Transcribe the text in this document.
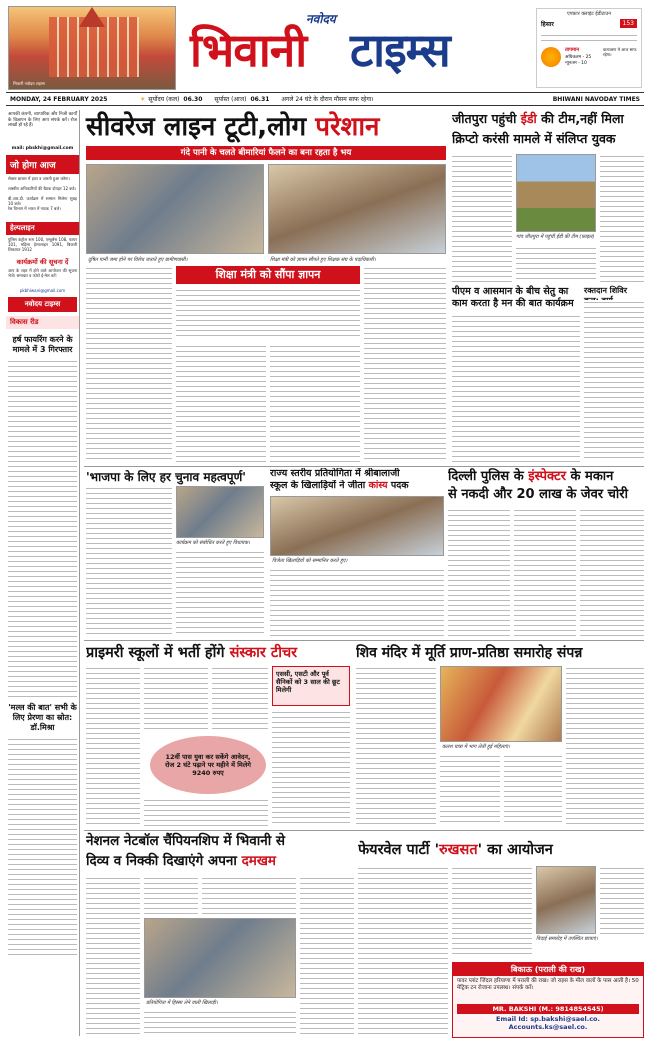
भिवानी नवोदय टाइम्स
नवोदय
भिवानी टाइम्स
एपफ़ार क्लाइंट ईडीटाउन
हिसार	153
तापमान
अधिकतम - 25
न्यूनतम - 10
वातावरण मे आज साफ रहेगा।
MONDAY, 24 FEBRUARY 2025	☀ सूर्योदय (कल) 06.30 सूर्यास्त (आज) 06.31 अगले 24 घंटे के दौरान मौसम साफ रहेगा।	BHIWANI NAVODAY TIMES
आपकी कंपनी, व्यापारिक और निजी कार्यों के विज्ञापन के लिए आप संपर्क करें। रोज लाखों हो रहे हैं।
mail: pbskhi@gmail.com
जो होगा आज
सेक्टर बाजार में हाटा व आरती हुआ करेगा।
शास्त्रीय अधिकारियों की बैठक दोपहर 12 बजे।
बी.आर.डी. कार्यक्रम में सम्मान मिलेगा सुबह 10 बजे।
रेल विभाग में भारत में नाटक 7 बजे।
हेल्पलाइन
पुलिस कंट्रोल रूम 100, एम्बुलेंस 108, फायर 101, महिला हेल्पलाइन 1091, बिजली शिकायत 1912
कार्यक्रमों की सूचना दें
आप के शहर में होने वाले आयोजन की सूचना भेजें। समाचार व फोटो ई-मेल करें:
pkbhiwani@gmail.com
नवोदय टाइम्स
विकास रीड
हर्ष फायरिंग करने के मामले में 3 गिरफ्तार
'मल्ल की बात' सभी के लिए प्रेरणा का स्रोत: डॉ.मिश्रा
सीवरेज लाइन टूटी,लोग परेशान
गंदे पानी के चलते बीमारियां फैलने का बना रहता है भय
दूषित पानी जमा होने पर विरोध जताते हुए ग्रामीणवासी।	शिक्षा मंत्री को ज्ञापन सौंपते हुए शिक्षक संघ के पदाधिकारी।
शिक्षा मंत्री को सौंपा ज्ञापन
जीतपुरा पहुंची ईडी की टीम,नहीं मिला
क्रिप्टो करंसी मामले में संलिप्त युवक
गांव जीतपुरा में पहुंची ईडी की टीम (फ़ाइल)
पीएम व आसमान के बीच सेतु का काम करता है मन की बात कार्यक्रम
रक्तदान शिविर
'भाजपा के लिए हर चुनाव महत्वपूर्ण'
कार्यक्रम को संबोधित करते हुए विधायक।
राज्य स्तरीय प्रतियोगिता में श्रीबालाजी
स्कूल के खिलाड़ियों ने जीता कांस्य पदक
विजेता खिलाड़ियों को सम्मानित करते हुए।
दिल्ली पुलिस के इंस्पेक्टर के मकान
से नकदी और 20 लाख के जेवर चोरी
प्राइमरी स्कूलों में भर्ती होंगे संस्कार टीचर
12वीं पास युवा कर सकेंगे आवेदन, रोज 2 घंटे पढ़ाने पर महीने में मिलेगे 9240 रुपए
एससी, एसटी और पूर्व सैनिकों को 3 साल की छूट मिलेगी
शिव मंदिर में मूर्ति प्राण-प्रतिष्ठा समारोह संपन्न
कलश यात्रा में भाग लेती हुई महिलाएं।
नेशनल नेटबॉल चैंपियनशिप में भिवानी से
दिव्य व निक्की दिखाएंगे अपना दमखम
प्रतियोगिता में हिस्सा लेने वाली खिलाड़ी।
फेयरवेल पार्टी 'रुखसत' का आयोजन
विदाई समारोह में उपस्थित छात्राएं।
बिकाऊ (पराली की राख)
पावर प्लांट जिंदल हरियाणा में पराली की राख। जो राइस के मील वालों के पास आती है। 50 मेट्रिक टन रोजाना उपलब्ध। संपर्क करें।
MR. BAKSHI (M.: 9814854545)
Email Id: sp.bakshi@sael.co.
Accounts.ks@sael.co.
